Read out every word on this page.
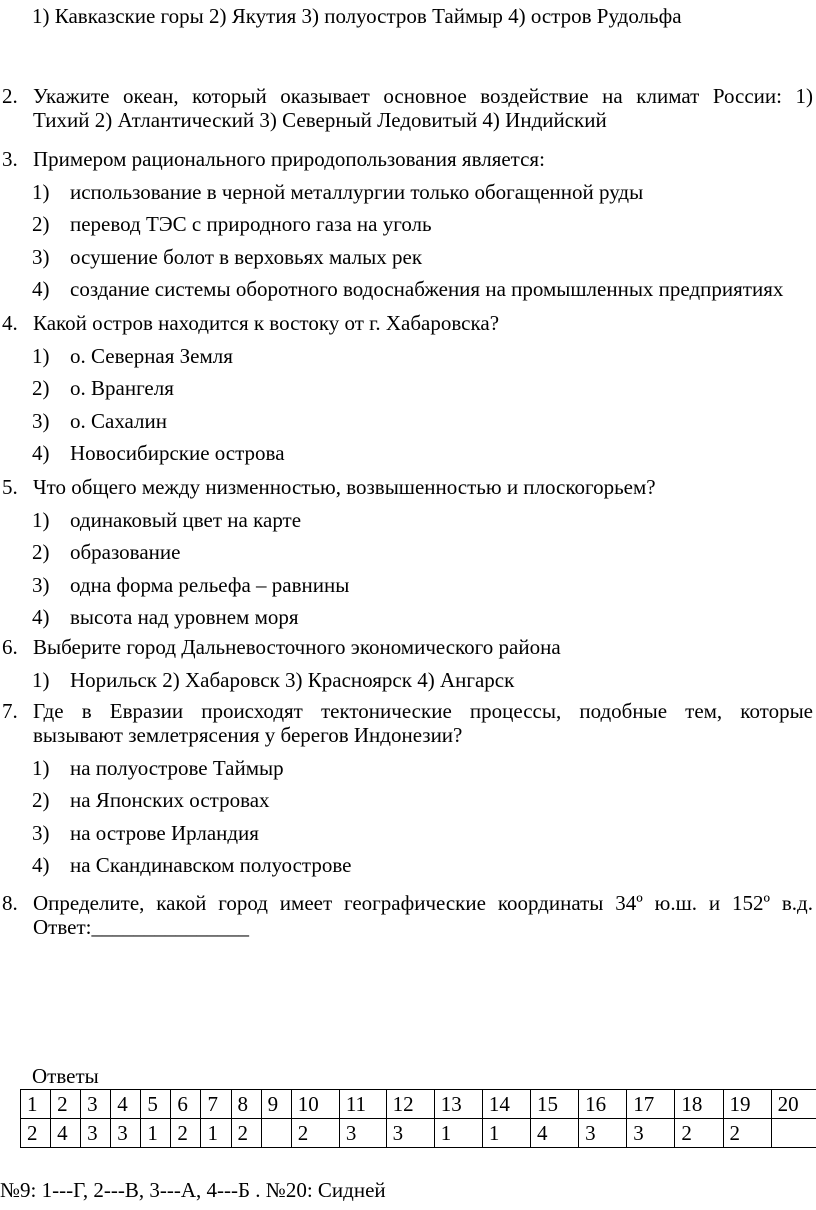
1) Кавказские горы 2) Якутия 3) полуостров Таймыр 4) остров Рудольфа
2. Укажите океан, который оказывает основное воздействие на климат России: 1)
Тихий 2) Атлантический 3) Северный Ледовитый 4) Индийский
3. Примером рационального природопользования является:
1) использование в черной металлургии только обогащенной руды
2) перевод ТЭС с природного газа на уголь
3) осушение болот в верховьях малых рек
4) создание системы оборотного водоснабжения на промышленных предприятиях
4. Какой остров находится к востоку от г. Хабаровска?
1) о. Северная Земля
2) о. Врангеля
3) о. Сахалин
4) Новосибирские острова
5. Что общего между низменностью, возвышенностью и плоскогорьем?
1) одинаковый цвет на карте
2) образование
3) одна форма рельефа – равнины
4) высота над уровнем моря
6. Выберите город Дальневосточного экономического района
1) Норильск 2) Хабаровск 3) Красноярск 4) Ангарск
7. Где в Евразии происходят тектонические процессы, подобные тем, которые
вызывают землетрясения у берегов Индонезии?
1) на полуострове Таймыр
2) на Японских островах
3) на острове Ирландия
4) на Скандинавском полуострове
8. Определите, какой город имеет географические координаты 34º ю.ш. и 152º в.д.
Ответ:_______________
Ответы
1	2	3	4	5	6	7	8	9	10	11	12	13	14	15	16	17	18	19	20
2	4	3	3	1	2	1	2		2	3	3	1	1	4	3	3	2	2	
№9: 1---Г, 2---В, 3---А, 4---Б . №20: Сидней
